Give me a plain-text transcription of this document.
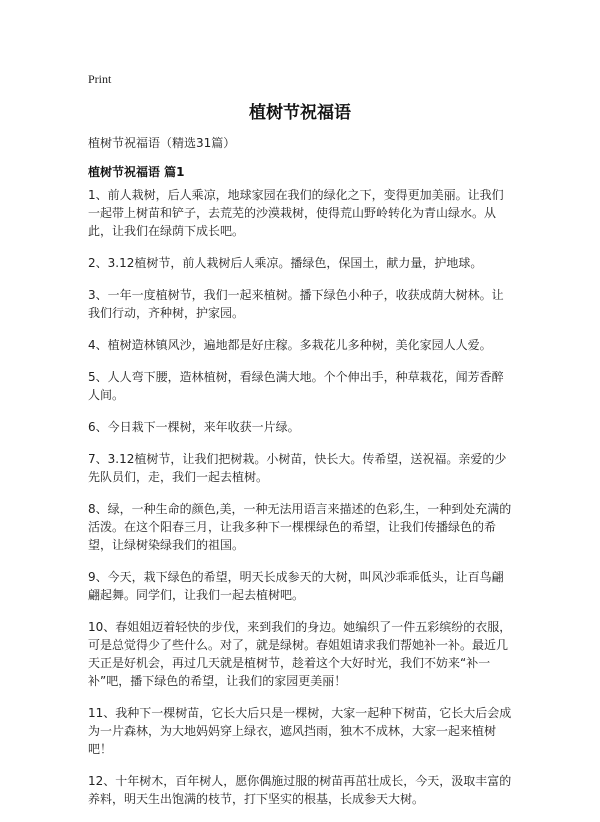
Print
植树节祝福语
植树节祝福语（精选31篇）
植树节祝福语 篇1

1、前人栽树，后人乘凉，地球家园在我们的绿化之下，变得更加美丽。让我们一起带上树苗和铲子，去荒芜的沙漠栽树，使得荒山野岭转化为青山绿水。从此，让我们在绿荫下成长吧。

2、3.12植树节，前人栽树后人乘凉。播绿色，保国土，献力量，护地球。

3、一年一度植树节，我们一起来植树。播下绿色小种子，收获成荫大树林。让我们行动，齐种树，护家园。

4、植树造林镇风沙，遍地都是好庄稼。多栽花儿多种树，美化家园人人爱。

5、人人弯下腰，造林植树，看绿色满大地。个个伸出手，种草栽花，闻芳香醉人间。

6、今日栽下一棵树，来年收获一片绿。

7、3.12植树节，让我们把树栽。小树苗，快长大。传希望，送祝福。亲爱的少先队员们，走，我们一起去植树。

8、绿，一种生命的颜色,美，一种无法用语言来描述的色彩,生，一种到处充满的活泼。在这个阳春三月，让我多种下一棵棵绿色的希望，让我们传播绿色的希望，让绿树染绿我们的祖国。

9、今天，栽下绿色的希望，明天长成参天的大树，叫风沙乖乖低头，让百鸟翩翩起舞。同学们，让我们一起去植树吧。

10、春姐姐迈着轻快的步伐，来到我们的身边。她编织了一件五彩缤纷的衣服，可是总觉得少了些什么。对了，就是绿树。春姐姐请求我们帮她补一补。最近几天正是好机会，再过几天就是植树节，趁着这个大好时光，我们不妨来“补一补”吧，播下绿色的希望，让我们的家园更美丽！

11、我种下一棵树苗，它长大后只是一棵树，大家一起种下树苗，它长大后会成为一片森林，为大地妈妈穿上绿衣，遮风挡雨，独木不成林，大家一起来植树吧！

12、十年树木，百年树人，愿你偶施过服的树苗再茁壮成长，今天，汲取丰富的养料，明天生出饱满的枝节，打下坚实的根基，长成参天大树。
